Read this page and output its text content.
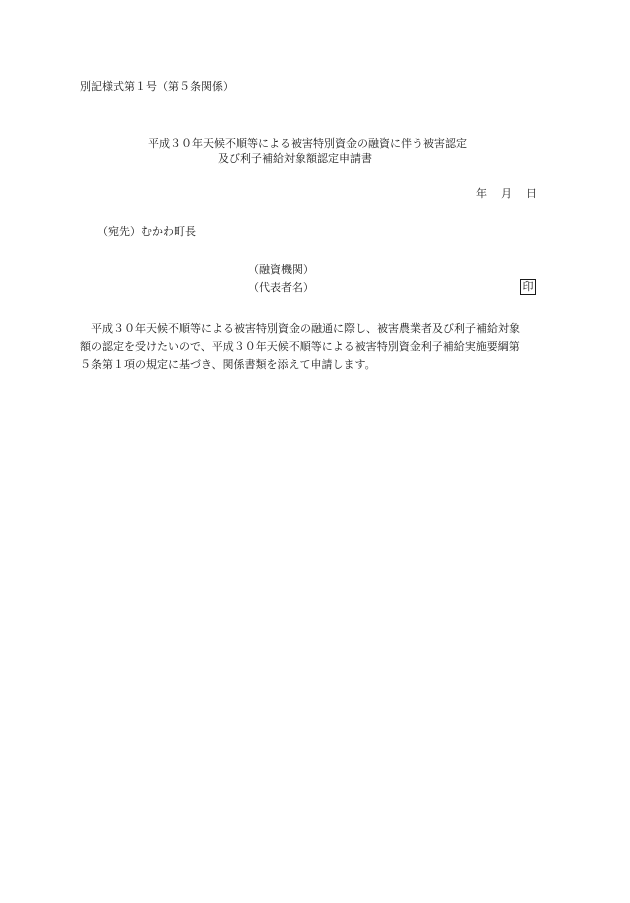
別記様式第１号（第５条関係）
平成３０年天候不順等による被害特別資金の融資に伴う被害認定
及び利子補給対象額認定申請書
年 月 日
（宛先）むかわ町長
（融資機関）
（代表者名）	印
平成３０年天候不順等による被害特別資金の融通に際し、被害農業者及び利子補給対象
額の認定を受けたいので、平成３０年天候不順等による被害特別資金利子補給実施要綱第
５条第１項の規定に基づき、関係書類を添えて申請します。
